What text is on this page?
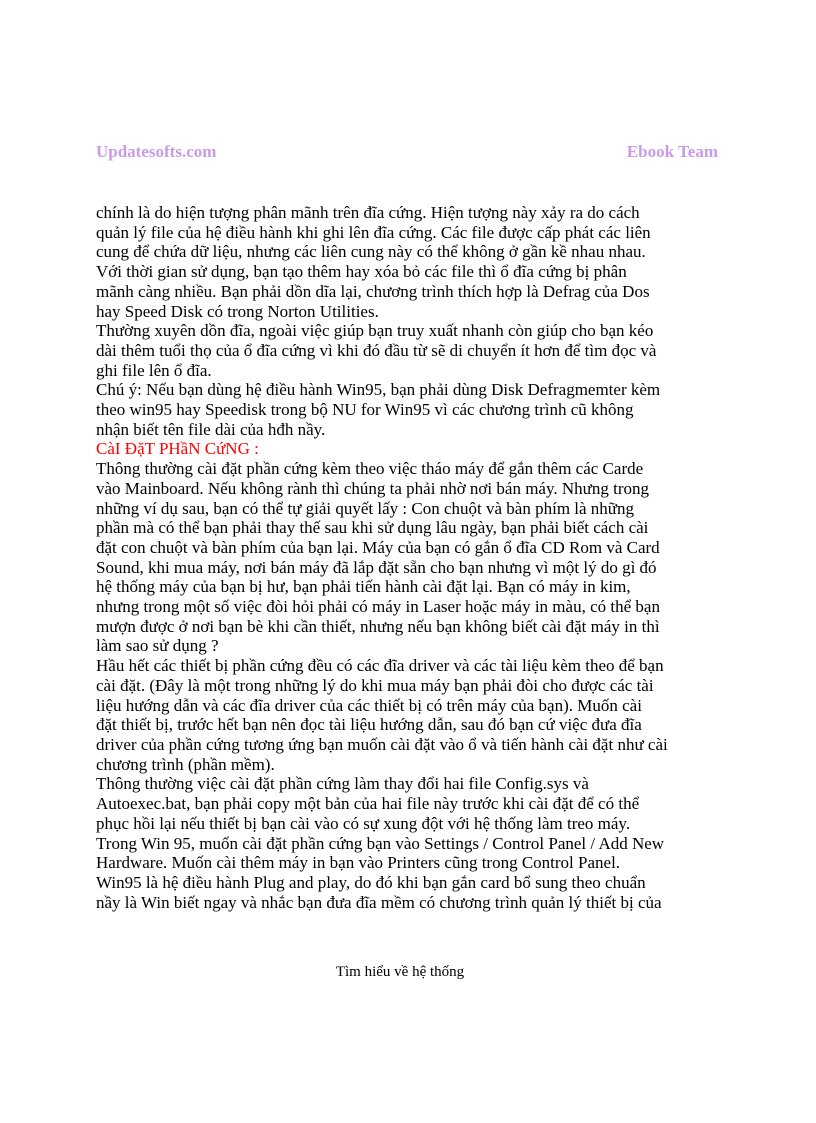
Updatesofts.com	Ebook Team

chính là do hiện tượng phân mãnh trên đĩa cứng. Hiện tượng này xảy ra do cách

quản lý file của hệ điều hành khi ghi lên đĩa cứng. Các file được cấp phát các liên

cung để chứa dữ liệu, nhưng các liên cung này có thể không ở gần kề nhau nhau.

Với thời gian sử dụng, bạn tạo thêm hay xóa bỏ các file thì ổ đĩa cứng bị phân

mãnh càng nhiều. Bạn phải dồn dĩa lại, chương trình thích hợp là Defrag của Dos

hay Speed Disk có trong Norton Utilities.

Thường xuyên dồn đĩa, ngoài việc giúp bạn truy xuất nhanh còn giúp cho bạn kéo

dài thêm tuổi thọ của ổ đĩa cứng vì khi đó đầu từ sẽ di chuyển ít hơn để tìm đọc và

ghi file lên ổ đĩa.

Chú ý: Nếu bạn dùng hệ điều hành Win95, bạn phải dùng Disk Defragmemter kèm

theo win95 hay Speedisk trong bộ NU for Win95 vì các chương trình cũ không

nhận biết tên file dài của hđh nầy.

CàI ĐặT PHầN CứNG :

Thông thường cài đặt phần cứng kèm theo việc tháo máy để gắn thêm các Carde

vào Mainboard. Nếu không rành thì chúng ta phải nhờ nơi bán máy. Nhưng trong

những ví dụ sau, bạn có thể tự giải quyết lấy : Con chuột và bàn phím là những

phần mà có thể bạn phải thay thế sau khi sử dụng lâu ngày, bạn phải biết cách cài

đặt con chuột và bàn phím của bạn lại. Máy của bạn có gắn ổ đĩa CD Rom và Card

Sound, khi mua máy, nơi bán máy đã lắp đặt sẵn cho bạn nhưng vì một lý do gì đó

hệ thống máy của bạn bị hư, bạn phải tiến hành cài đặt lại. Bạn có máy in kim,

nhưng trong một số việc đòi hỏi phải có máy in Laser hoặc máy in màu, có thể bạn

mượn được ở nơi bạn bè khi cần thiết, nhưng nếu bạn không biết cài đặt máy in thì

làm sao sử dụng ?

Hầu hết các thiết bị phần cứng đều có các đĩa driver và các tài liệu kèm theo để bạn

cài đặt. (Đây là một trong những lý do khi mua máy bạn phải đòi cho được các tài

liệu hướng dẫn và các đĩa driver của các thiết bị có trên máy của bạn). Muốn cài

đặt thiết bị, trước hết bạn nên đọc tài liệu hướng dẫn, sau đó bạn cứ việc đưa đĩa

driver của phần cứng tương ứng bạn muốn cài đặt vào ổ và tiến hành cài đặt như cài

chương trình (phần mềm).

Thông thường việc cài đặt phần cứng làm thay đổi hai file Config.sys và

Autoexec.bat, bạn phải copy một bản của hai file này trước khi cài đặt để có thể

phục hồi lại nếu thiết bị bạn cài vào có sự xung đột với hệ thống làm treo máy.

Trong Win 95, muốn cài đặt phần cứng bạn vào Settings / Control Panel / Add New

Hardware. Muốn cài thêm máy in bạn vào Printers cũng trong Control Panel.

Win95 là hệ điều hành Plug and play, do đó khi bạn gắn card bổ sung theo chuẩn

nầy là Win biết ngay và nhắc bạn đưa đĩa mềm có chương trình quản lý thiết bị của

Tìm hiểu về hệ thống
